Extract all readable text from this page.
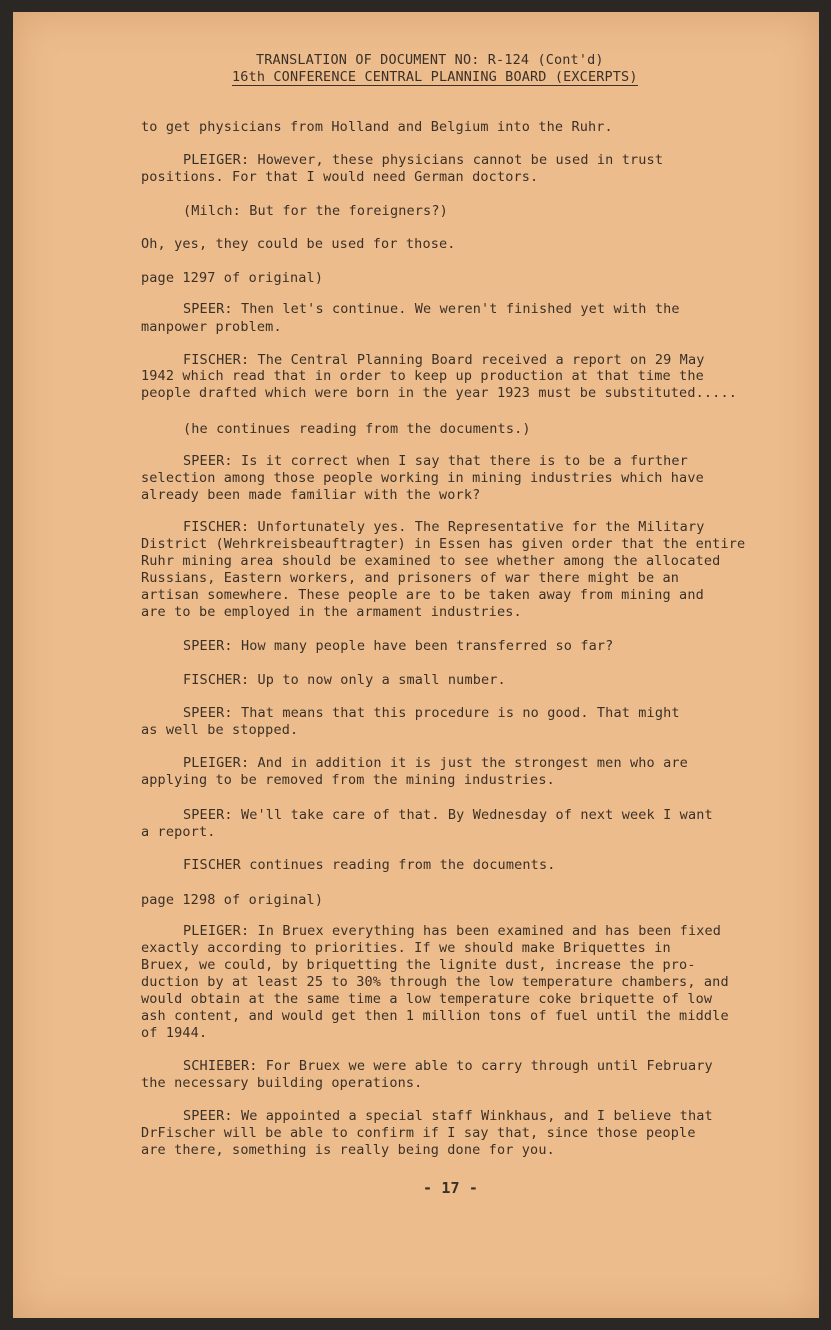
TRANSLATION OF DOCUMENT NO: R-124 (Cont'd)
16th CONFERENCE CENTRAL PLANNING BOARD (EXCERPTS)
to get physicians from Holland and Belgium into the Ruhr.
PLEIGER: However, these physicians cannot be used in trust
positions. For that I would need German doctors.
(Milch: But for the foreigners?)
Oh, yes, they could be used for those.
page 1297 of original)
SPEER: Then let's continue. We weren't finished yet with the
manpower problem.
FISCHER: The Central Planning Board received a report on 29 May
1942 which read that in order to keep up production at that time the
people drafted which were born in the year 1923 must be substituted.....
(he continues reading from the documents.)
SPEER: Is it correct when I say that there is to be a further
selection among those people working in mining industries which have
already been made familiar with the work?
FISCHER: Unfortunately yes. The Representative for the Military
District (Wehrkreisbeauftragter) in Essen has given order that the entire
Ruhr mining area should be examined to see whether among the allocated
Russians, Eastern workers, and prisoners of war there might be an
artisan somewhere. These people are to be taken away from mining and
are to be employed in the armament industries.
SPEER: How many people have been transferred so far?
FISCHER: Up to now only a small number.
SPEER: That means that this procedure is no good. That might
as well be stopped.
PLEIGER: And in addition it is just the strongest men who are
applying to be removed from the mining industries.
SPEER: We'll take care of that. By Wednesday of next week I want
a report.
FISCHER continues reading from the documents.
page 1298 of original)
PLEIGER: In Bruex everything has been examined and has been fixed
exactly according to priorities. If we should make Briquettes in
Bruex, we could, by briquetting the lignite dust, increase the pro-
duction by at least 25 to 30% through the low temperature chambers, and
would obtain at the same time a low temperature coke briquette of low
ash content, and would get then 1 million tons of fuel until the middle
of 1944.
SCHIEBER: For Bruex we were able to carry through until February
the necessary building operations.
SPEER: We appointed a special staff Winkhaus, and I believe that
DrFischer will be able to confirm if I say that, since those people
are there, something is really being done for you.
- 17 -
